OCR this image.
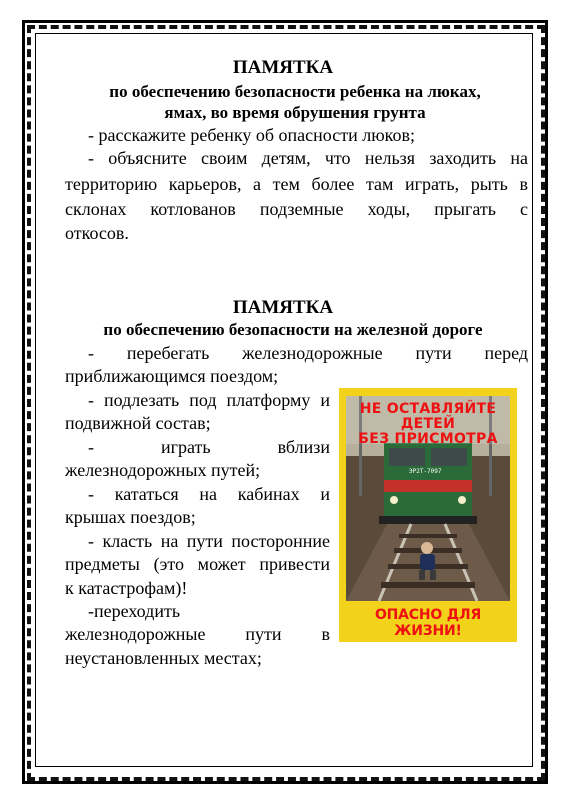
ПАМЯТКА
по обеспечению безопасности ребенка на люках,
ямах, во время обрушения грунта
- расскажите ребенку об опасности люков;
- объясните своим детям, что нельзя заходить на
территорию карьеров, а тем более там играть, рыть в
склонах котлованов подземные ходы, прыгать с
откосов.
ПАМЯТКА
по обеспечению безопасности на железной дороге
- перебегать железнодорожные пути перед
приближающимся поездом;
- подлезать под платформу и
подвижной состав;
- играть вблизи
железнодорожных путей;
- кататься на кабинах и
крышах поездов;
- класть на пути посторонние
предметы (это может привести
к катастрофам)!
-переходить
железнодорожные пути в
неустановленных местах;
НЕ ОСТАВЛЯЙТЕ
ДЕТЕЙ
БЕЗ ПРИСМОТРА
ЭР2Т-7097
ОПАСНО ДЛЯ ЖИЗНИ!
